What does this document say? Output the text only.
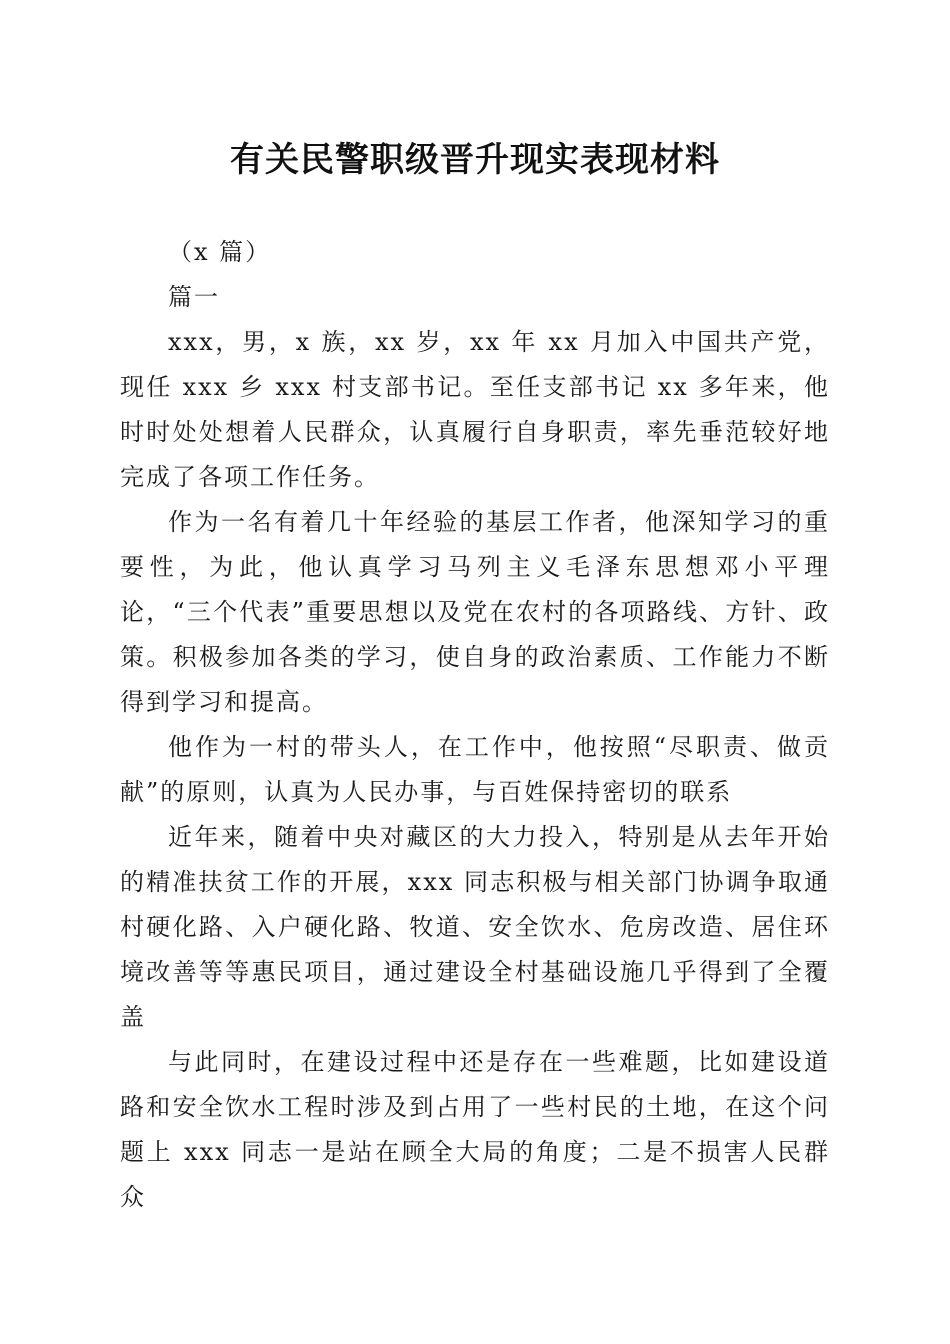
有关民警职级晋升现实表现材料

（x 篇）

篇一

xxx，男，x 族，xx 岁，xx 年 xx 月加入中国共产党，现任 xxx 乡 xxx 村支部书记。至任支部书记 xx 多年来，他时时处处想着人民群众，认真履行自身职责，率先垂范较好地完成了各项工作任务。

作为一名有着几十年经验的基层工作者，他深知学习的重要性，为此，他认真学习马列主义毛泽东思想邓小平理论，“三个代表”重要思想以及党在农村的各项路线、方针、政策。积极参加各类的学习，使自身的政治素质、工作能力不断得到学习和提高。

他作为一村的带头人，在工作中，他按照“尽职责、做贡献”的原则，认真为人民办事，与百姓保持密切的联系

近年来，随着中央对藏区的大力投入，特别是从去年开始的精准扶贫工作的开展，xxx 同志积极与相关部门协调争取通村硬化路、入户硬化路、牧道、安全饮水、危房改造、居住环境改善等等惠民项目，通过建设全村基础设施几乎得到了全覆盖

与此同时，在建设过程中还是存在一些难题，比如建设道路和安全饮水工程时涉及到占用了一些村民的土地，在这个问题上 xxx 同志一是站在顾全大局的角度；二是不损害人民群众
